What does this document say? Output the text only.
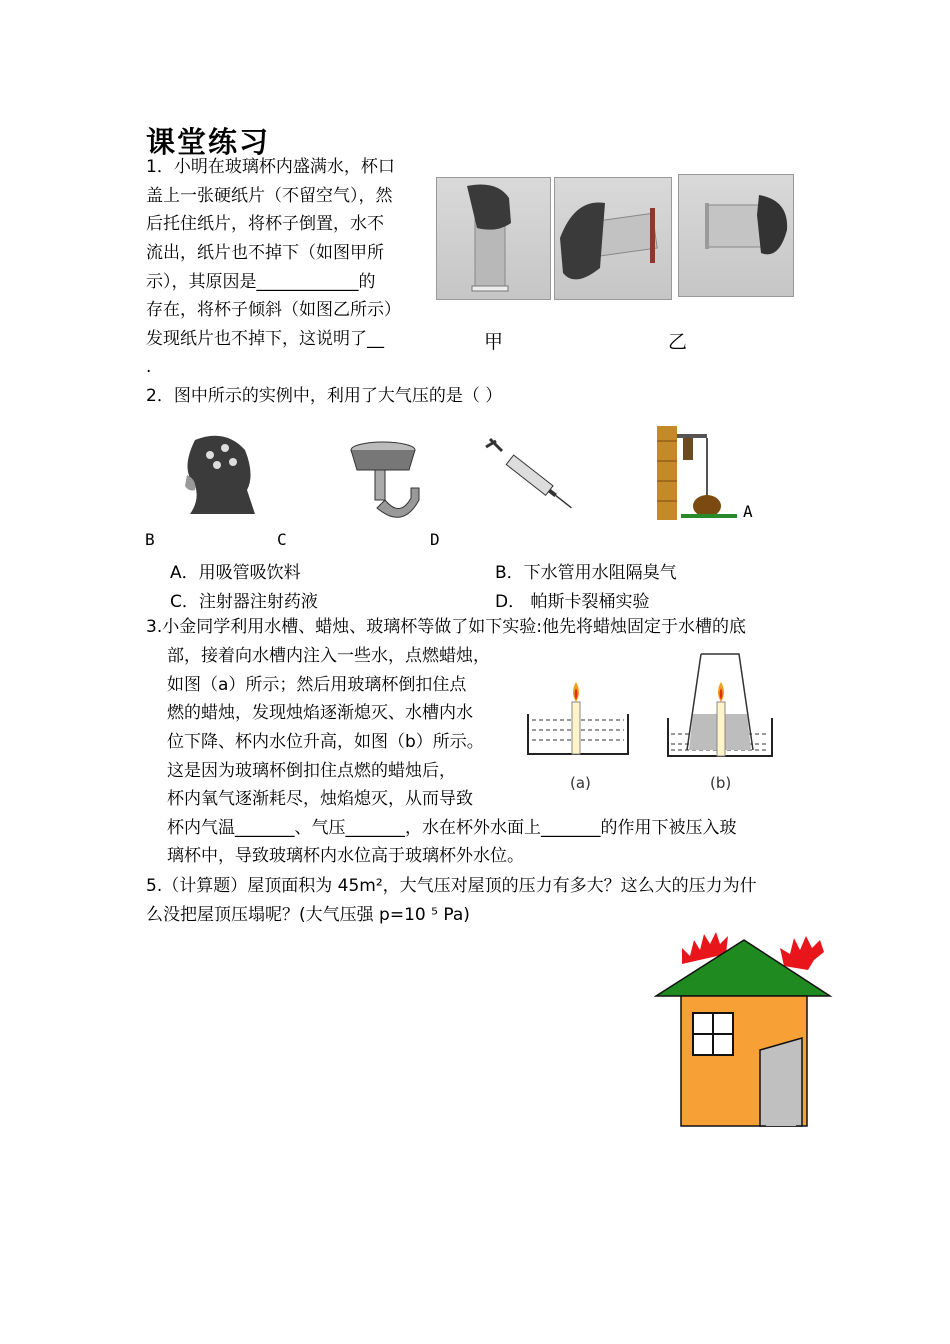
课堂练习
1．小明在玻璃杯内盛满水，杯口
盖上一张硬纸片（不留空气），然
后托住纸片，将杯子倒置，水不
流出，纸片也不掉下（如图甲所
示），其原因是____________的
存在，将杯子倾斜（如图乙所示）
发现纸片也不掉下，这说明了__
.
甲	乙
2．图中所示的实例中，利用了大气压的是（ ）
A
B	C	D
A．用吸管吸饮料	B．下水管用水阻隔臭气
C．注射器注射药液	D． 帕斯卡裂桶实验
3.小金同学利用水槽、蜡烛、玻璃杯等做了如下实验:他先将蜡烛固定于水槽的底
部，接着向水槽内注入一些水，点燃蜡烛，
如图（a）所示；然后用玻璃杯倒扣住点
燃的蜡烛，发现烛焰逐渐熄灭、水槽内水
位下降、杯内水位升高，如图（b）所示。
这是因为玻璃杯倒扣住点燃的蜡烛后，
杯内氧气逐渐耗尽，烛焰熄灭，从而导致
杯内气温_______、气压_______，水在杯外水面上_______的作用下被压入玻
璃杯中，导致玻璃杯内水位高于玻璃杯外水位。
(a)	(b)
5.（计算题）屋顶面积为 45m²，大气压对屋顶的压力有多大？这么大的压力为什
么没把屋顶压塌呢？(大气压强 p=10 ⁵ Pa)
